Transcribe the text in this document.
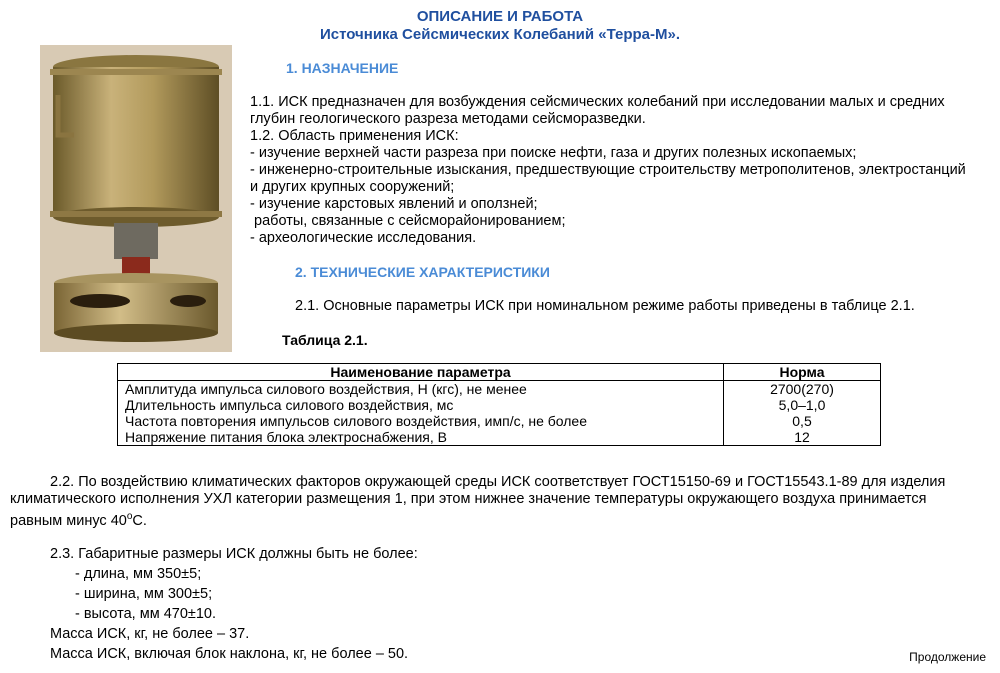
ОПИСАНИЕ И РАБОТА
Источника Сейсмических Колебаний «Терра-М».
1. НАЗНАЧЕНИЕ
1.1. ИСК предназначен для возбуждения сейсмических колебаний при исследовании малых и средних
глубин геологического разреза методами сейсморазведки.
1.2. Область применения ИСК:
- изучение верхней части разреза при поиске нефти, газа и других полезных ископаемых;
- инженерно-строительные изыскания, предшествующие строительству метрополитенов, электростанций
и других крупных сооружений;
- изучение карстовых явлений и оползней;
работы, связанные с сейсморайонированием;
- археологические исследования.
2. ТЕХНИЧЕСКИЕ ХАРАКТЕРИСТИКИ
2.1. Основные параметры ИСК при номинальном режиме работы приведены в таблице 2.1.
Таблица 2.1.
Наименование параметра	Норма
Амплитуда импульса силового воздействия, Н (кгс), не менее	2700(270)
Длительность импульса силового воздействия, мс	5,0–1,0
Частота повторения импульсов силового воздействия, имп/с, не более	0,5
Напряжение питания блока электроснабжения, В	12
2.2. По воздействию климатических факторов окружающей среды ИСК соответствует ГОСТ15150-69 и ГОСТ15543.1-89 для изделия
климатического исполнения УХЛ категории размещения 1, при этом нижнее значение температуры окружающего воздуха принимается
равным минус 40$^o$С.
2.3. Габаритные размеры ИСК должны быть не более:
- длина, мм 350±5;
- ширина, мм 300±5;
- высота, мм 470±10.
Масса ИСК, кг, не более – 37.
Масса ИСК, включая блок наклона, кг, не более – 50.	Продолжение
